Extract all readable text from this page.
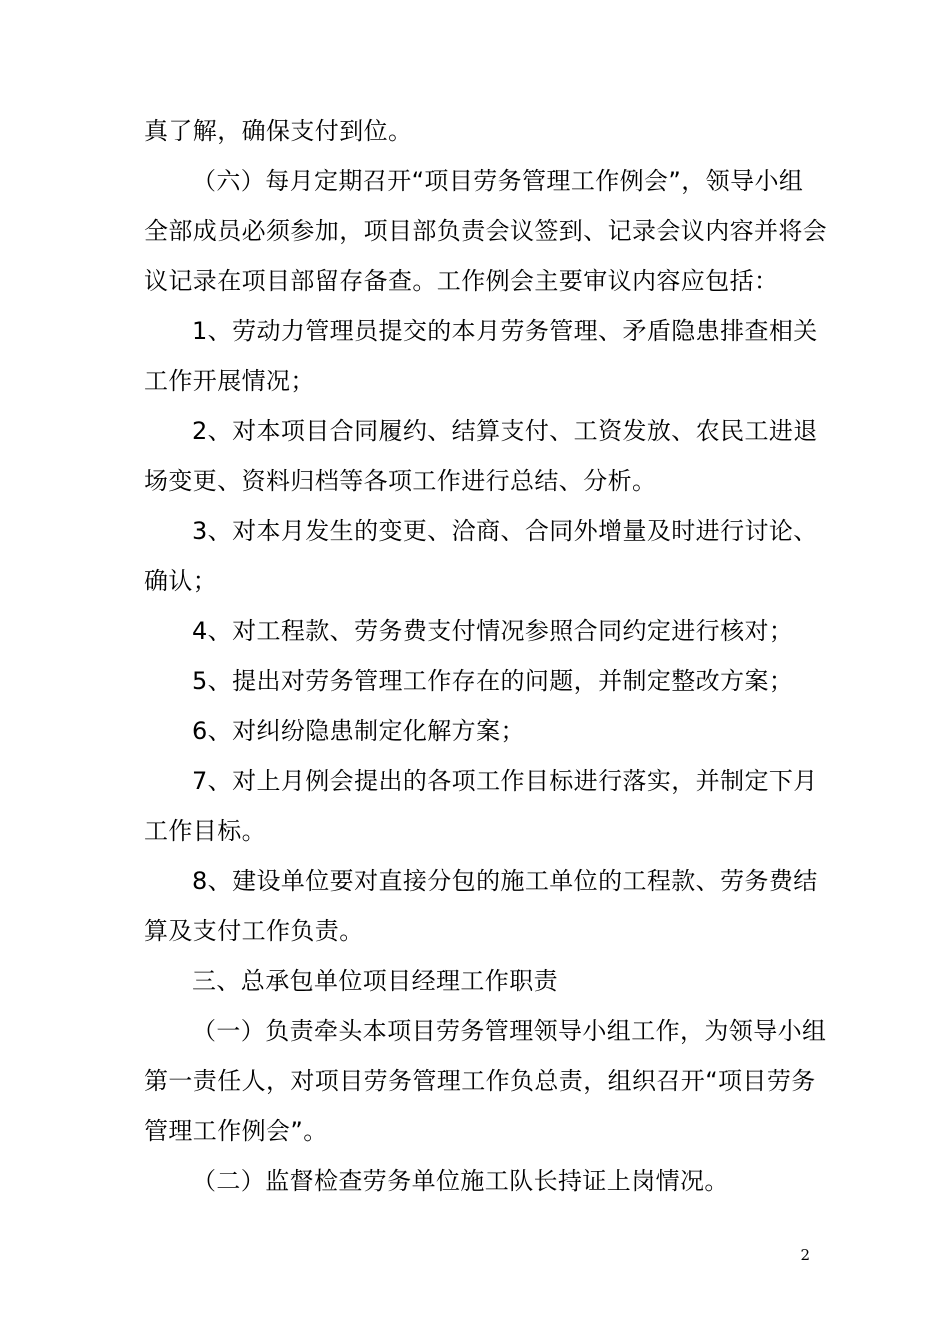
真了解，确保支付到位。
（六）每月定期召开“项目劳务管理工作例会”，领导小组
全部成员必须参加，项目部负责会议签到、记录会议内容并将会
议记录在项目部留存备查。工作例会主要审议内容应包括：
1、劳动力管理员提交的本月劳务管理、矛盾隐患排查相关
工作开展情况；
2、对本项目合同履约、结算支付、工资发放、农民工进退
场变更、资料归档等各项工作进行总结、分析。
3、对本月发生的变更、洽商、合同外增量及时进行讨论、
确认；
4、对工程款、劳务费支付情况参照合同约定进行核对；
5、提出对劳务管理工作存在的问题，并制定整改方案；
6、对纠纷隐患制定化解方案；
7、对上月例会提出的各项工作目标进行落实，并制定下月
工作目标。
8、建设单位要对直接分包的施工单位的工程款、劳务费结
算及支付工作负责。
三、总承包单位项目经理工作职责
（一）负责牵头本项目劳务管理领导小组工作，为领导小组
第一责任人，对项目劳务管理工作负总责，组织召开“项目劳务
管理工作例会”。
（二）监督检查劳务单位施工队长持证上岗情况。
2
